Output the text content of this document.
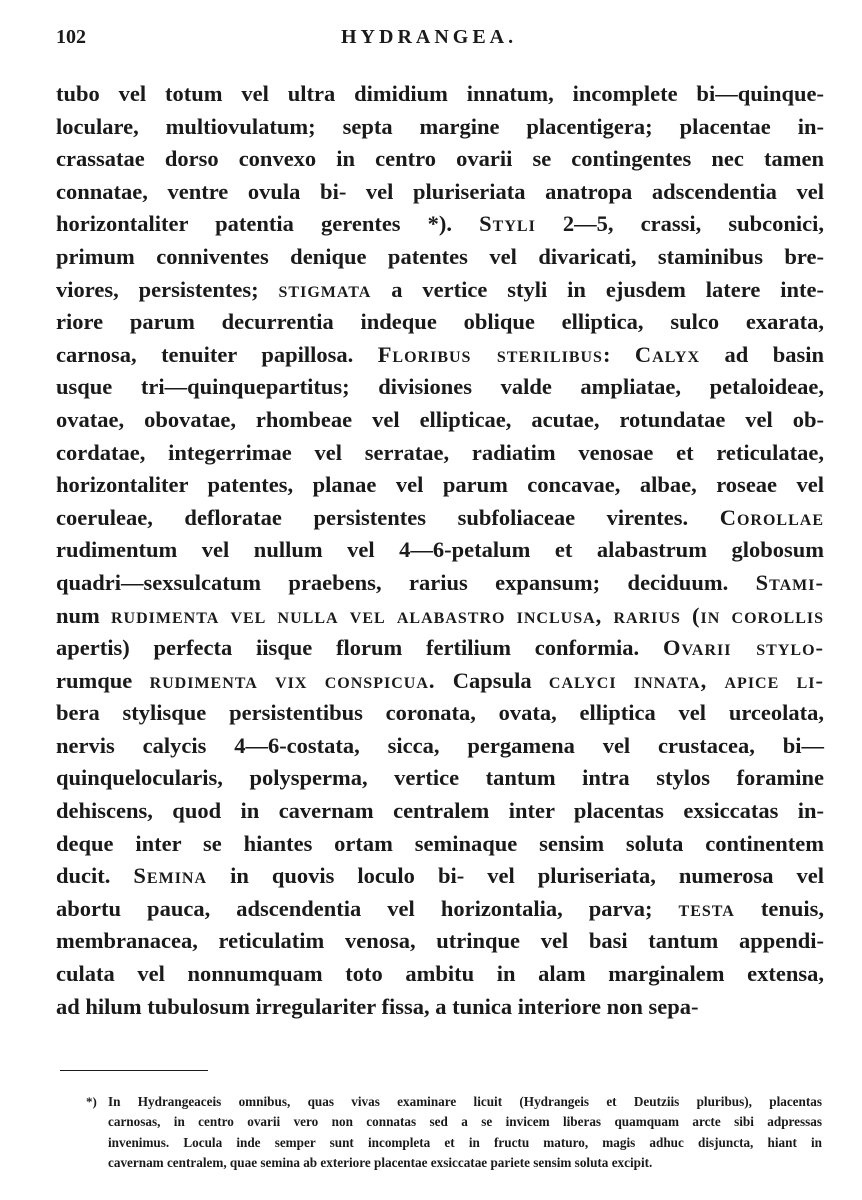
102	HYDRANGEA.
tubo vel totum vel ultra dimidium innatum, incomplete bi—quinque-
loculare, multiovulatum; septa margine placentigera; placentae in-
crassatae dorso convexo in centro ovarii se contingentes nec tamen
connatae, ventre ovula bi- vel pluriseriata anatropa adscendentia vel
horizontaliter patentia gerentes *). Styli 2—5, crassi, subconici,
primum conniventes denique patentes vel divaricati, staminibus bre-
viores, persistentes; stigmata a vertice styli in ejusdem latere inte-
riore parum decurrentia indeque oblique elliptica, sulco exarata,
carnosa, tenuiter papillosa. Floribus sterilibus: Calyx ad basin
usque tri—quinquepartitus; divisiones valde ampliatae, petaloideae,
ovatae, obovatae, rhombeae vel ellipticae, acutae, rotundatae vel ob-
cordatae, integerrimae vel serratae, radiatim venosae et reticulatae,
horizontaliter patentes, planae vel parum concavae, albae, roseae vel
coeruleae, defloratae persistentes subfoliaceae virentes. Corollae
rudimentum vel nullum vel 4—6-petalum et alabastrum globosum
quadri—sexsulcatum praebens, rarius expansum; deciduum. Stami-
num rudimenta vel nulla vel alabastro inclusa, rarius (in corollis
apertis) perfecta iisque florum fertilium conformia. Ovarii stylo-
rumque rudimenta vix conspicua. Capsula calyci innata, apice li-
bera stylisque persistentibus coronata, ovata, elliptica vel urceolata,
nervis calycis 4—6-costata, sicca, pergamena vel crustacea, bi—
quinquelocularis, polysperma, vertice tantum intra stylos foramine
dehiscens, quod in cavernam centralem inter placentas exsiccatas in-
deque inter se hiantes ortam seminaque sensim soluta continentem
ducit. Semina in quovis loculo bi- vel pluriseriata, numerosa vel
abortu pauca, adscendentia vel horizontalia, parva; testa tenuis,
membranacea, reticulatim venosa, utrinque vel basi tantum appendi-
culata vel nonnumquam toto ambitu in alam marginalem extensa,
ad hilum tubulosum irregulariter fissa, a tunica interiore non sepa-
*) In Hydrangeaceis omnibus, quas vivas examinare licuit (Hydrangeis et Deutziis pluribus), placentas
carnosas, in centro ovarii vero non connatas sed a se invicem liberas quamquam arcte sibi adpressas
invenimus. Locula inde semper sunt incompleta et in fructu maturo, magis adhuc disjuncta, hiant in
cavernam centralem, quae semina ab exteriore placentae exsiccatae pariete sensim soluta excipit.
